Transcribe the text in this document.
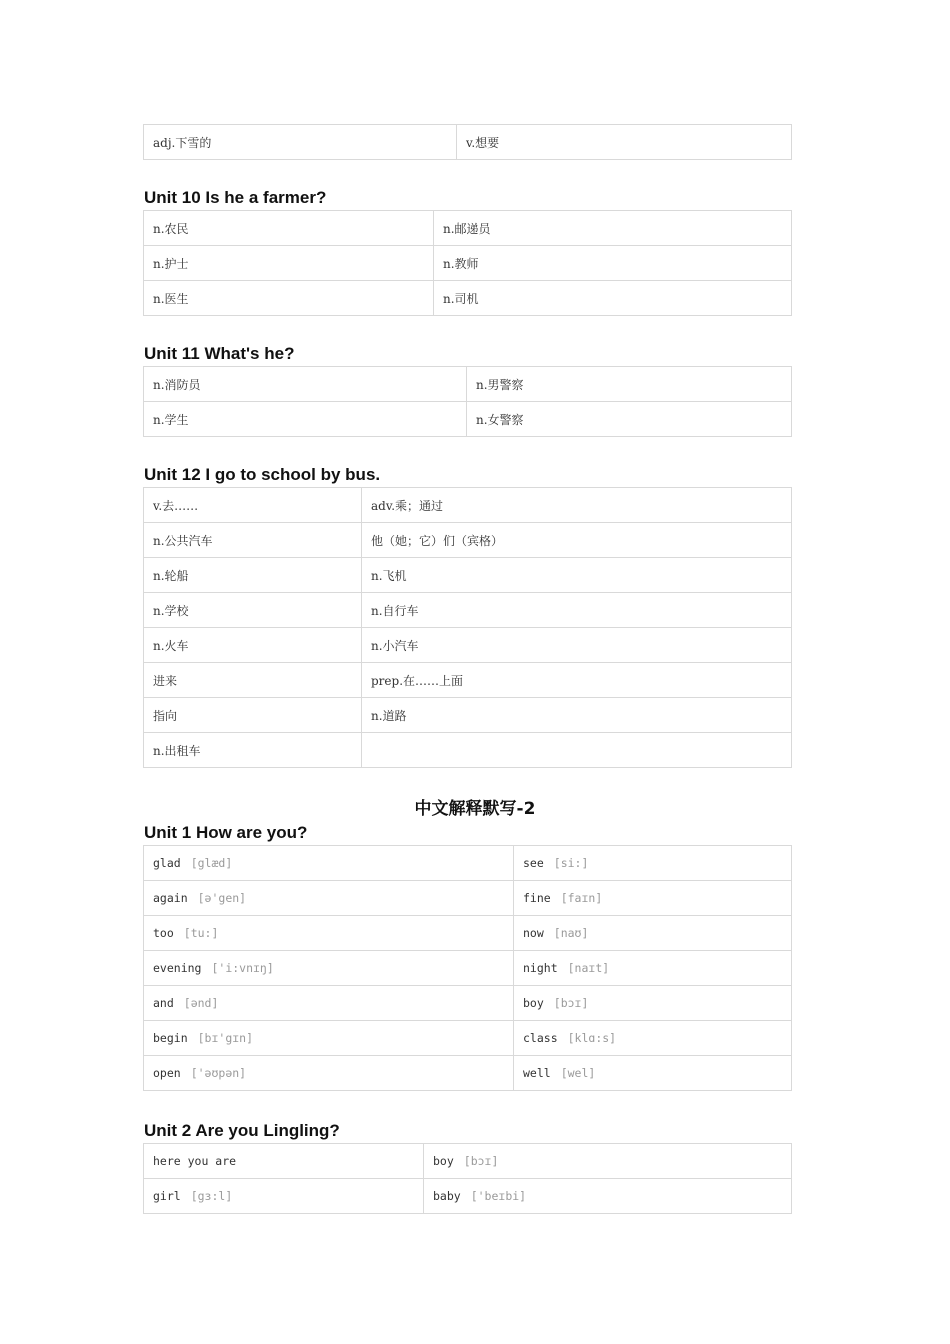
adj.下雪的	v.想要
Unit 10 Is he a farmer?
n.农民	n.邮递员
n.护士	n.教师
n.医生	n.司机
Unit 11 What's he?
n.消防员	n.男警察
n.学生	n.女警察
Unit 12 I go to school by bus.
v.去……	adv.乘；通过
n.公共汽车	他（她；它）们（宾格）
n.轮船	n.飞机
n.学校	n.自行车
n.火车	n.小汽车
进来	prep.在……上面
指向	n.道路
n.出租车	
中文解释默写-2
Unit 1 How are you?
glad [glæd]	see [si:]
again [ə'gen]	fine [faɪn]
too [tu:]	now [naʊ]
evening ['i:vnɪŋ]	night [naɪt]
and [ənd]	boy [bɔɪ]
begin [bɪ'gɪn]	class [klɑ:s]
open ['əʊpən]	well [wel]
Unit 2 Are you Lingling?
here you are	boy [bɔɪ]
girl [gɜ:l]	baby ['beɪbi]
